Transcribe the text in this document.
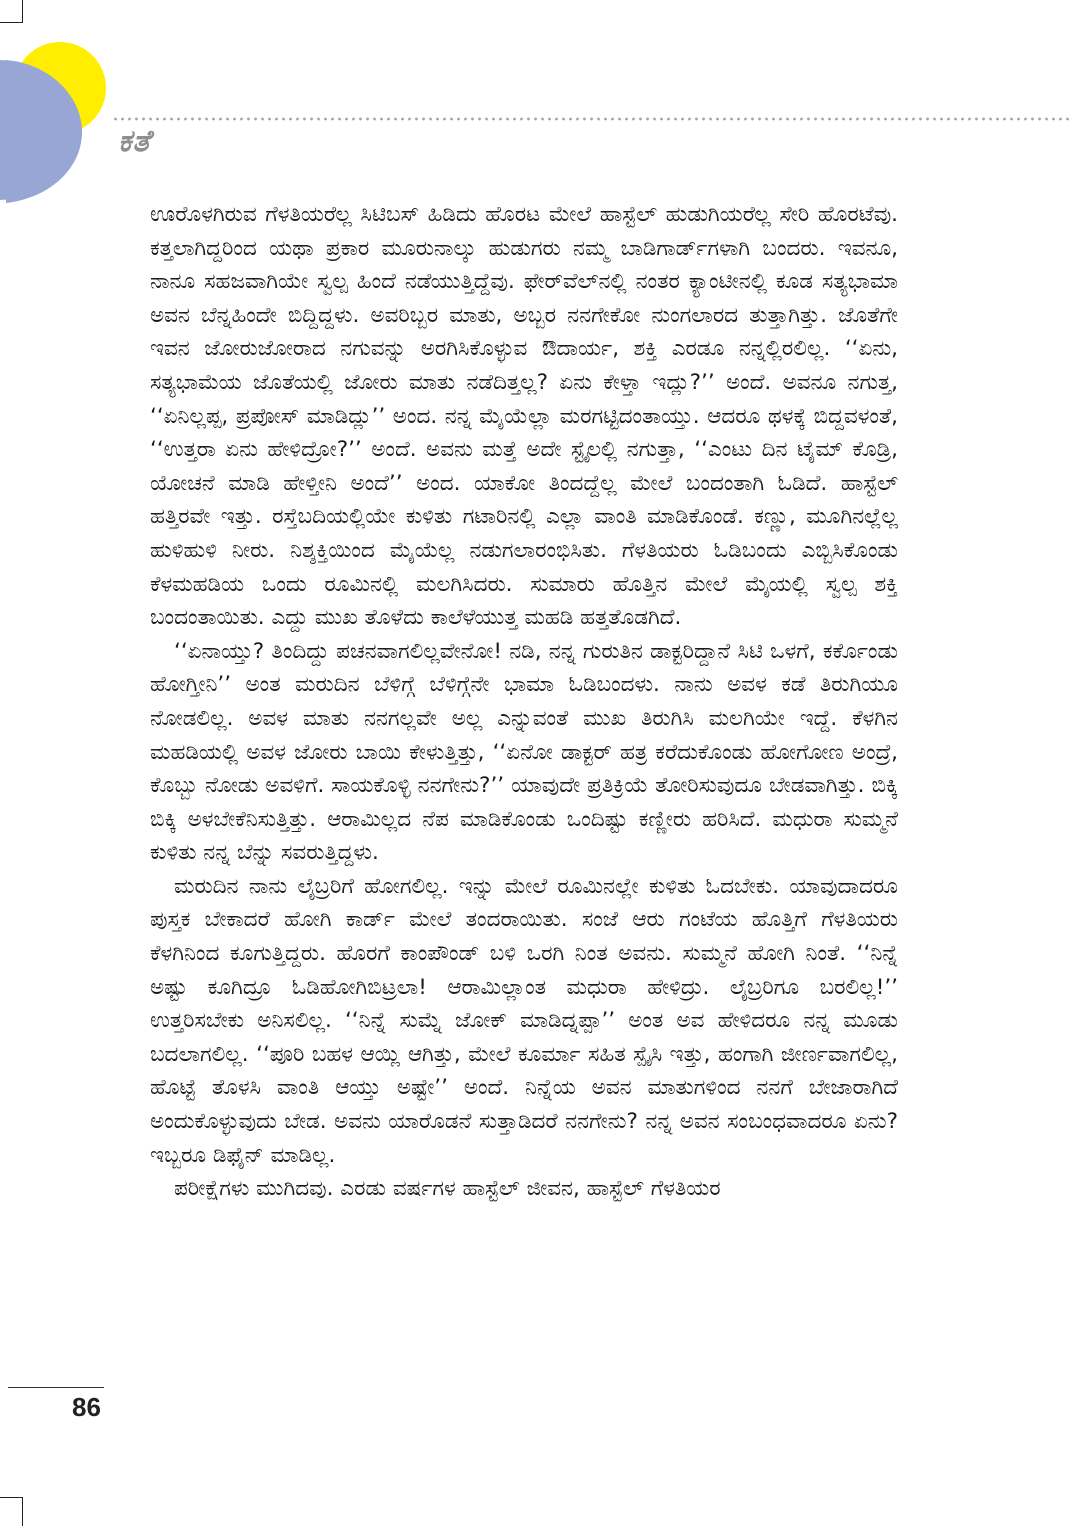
ಕತೆ

ಊರೊಳಗಿರುವ ಗೆಳತಿಯರೆಲ್ಲ ಸಿಟಿಬಸ್ ಹಿಡಿದು ಹೊರಟ ಮೇಲೆ ಹಾಸ್ಟೆಲ್ ಹುಡುಗಿಯರೆಲ್ಲ ಸೇರಿ ಹೊರಟೆವು. ಕತ್ತಲಾಗಿದ್ದರಿಂದ ಯಥಾ ಪ್ರಕಾರ ಮೂರುನಾಲ್ಕು ಹುಡುಗರು ನಮ್ಮ ಬಾಡಿಗಾರ್ಡ್‌ಗಳಾಗಿ ಬಂದರು. ಇವನೂ, ನಾನೂ ಸಹಜವಾಗಿಯೇ ಸ್ವಲ್ಪ ಹಿಂದೆ ನಡೆಯುತ್ತಿದ್ದೆವು. ಫೇರ್‌ವೆಲ್‌ನಲ್ಲಿ ನಂತರ ಕ್ಯಾಂಟೀನಲ್ಲಿ ಕೂಡ ಸತ್ಯಭಾಮಾ ಅವನ ಬೆನ್ನಹಿಂದೇ ಬಿದ್ದಿದ್ದಳು. ಅವರಿಬ್ಬರ ಮಾತು, ಅಬ್ಬರ ನನಗೇಕೋ ನುಂಗಲಾರದ ತುತ್ತಾಗಿತ್ತು. ಜೊತೆಗೇ ಇವನ ಜೋರುಜೋರಾದ ನಗುವನ್ನು ಅರಗಿಸಿಕೊಳ್ಳುವ ಔದಾರ್ಯ, ಶಕ್ತಿ ಎರಡೂ ನನ್ನಲ್ಲಿರಲಿಲ್ಲ. ‘‘ಏನು, ಸತ್ಯಭಾಮೆಯ ಜೊತೆಯಲ್ಲಿ ಜೋರು ಮಾತು ನಡೆದಿತ್ತಲ್ಲ? ಏನು ಕೇಳ್ತಾ ಇದ್ಲು?’’ ಅಂದೆ. ಅವನೂ ನಗುತ್ತ, ‘‘ಏನಿಲ್ಲಪ್ಪ, ಪ್ರಪೋಸ್ ಮಾಡಿದ್ಲು’’ ಅಂದ. ನನ್ನ ಮೈಯೆಲ್ಲಾ ಮರಗಟ್ಟಿದಂತಾಯ್ತು. ಆದರೂ ಥಳಕ್ಕೆ ಬಿದ್ದವಳಂತೆ, ‘‘ಉತ್ತರಾ ಏನು ಹೇಳಿದ್ರೋ?’’ ಅಂದೆ. ಅವನು ಮತ್ತೆ ಅದೇ ಸ್ಟೈಲಲ್ಲಿ ನಗುತ್ತಾ, ‘‘ಎಂಟು ದಿನ ಟೈಮ್ ಕೊಡ್ರಿ, ಯೋಚನೆ ಮಾಡಿ ಹೇಳ್ತೀನಿ ಅಂದೆ’’ ಅಂದ. ಯಾಕೋ ತಿಂದದ್ದೆಲ್ಲ ಮೇಲೆ ಬಂದಂತಾಗಿ ಓಡಿದೆ. ಹಾಸ್ಟೆಲ್ ಹತ್ತಿರವೇ ಇತ್ತು. ರಸ್ತೆಬದಿಯಲ್ಲಿಯೇ ಕುಳಿತು ಗಟಾರಿನಲ್ಲಿ ಎಲ್ಲಾ ವಾಂತಿ ಮಾಡಿಕೊಂಡೆ. ಕಣ್ಣು, ಮೂಗಿನಲ್ಲೆಲ್ಲ ಹುಳಿಹುಳಿ ನೀರು. ನಿಶ್ಶಕ್ತಿಯಿಂದ ಮೈಯೆಲ್ಲ ನಡುಗಲಾರಂಭಿಸಿತು. ಗೆಳತಿಯರು ಓಡಿಬಂದು ಎಬ್ಬಿಸಿಕೊಂಡು ಕೆಳಮಹಡಿಯ ಒಂದು ರೂಮಿನಲ್ಲಿ ಮಲಗಿಸಿದರು. ಸುಮಾರು ಹೊತ್ತಿನ ಮೇಲೆ ಮೈಯಲ್ಲಿ ಸ್ವಲ್ಪ ಶಕ್ತಿ ಬಂದಂತಾಯಿತು. ಎದ್ದು ಮುಖ ತೊಳೆದು ಕಾಲೆಳೆಯುತ್ತ ಮಹಡಿ ಹತ್ತತೊಡಗಿದೆ.

‘‘ಏನಾಯ್ತು? ತಿಂದಿದ್ದು ಪಚನವಾಗಲಿಲ್ಲವೇನೋ! ನಡಿ, ನನ್ನ ಗುರುತಿನ ಡಾಕ್ಟರಿದ್ದಾನೆ ಸಿಟಿ ಒಳಗೆ, ಕರ್ಕೊಂಡು ಹೋಗ್ತೀನಿ’’ ಅಂತ ಮರುದಿನ ಬೆಳಿಗ್ಗೆ ಬೆಳಿಗ್ಗೆನೇ ಭಾಮಾ ಓಡಿಬಂದಳು. ನಾನು ಅವಳ ಕಡೆ ತಿರುಗಿಯೂ ನೋಡಲಿಲ್ಲ. ಅವಳ ಮಾತು ನನಗಲ್ಲವೇ ಅಲ್ಲ ಎನ್ನುವಂತೆ ಮುಖ ತಿರುಗಿಸಿ ಮಲಗಿಯೇ ಇದ್ದೆ. ಕೆಳಗಿನ ಮಹಡಿಯಲ್ಲಿ ಅವಳ ಜೋರು ಬಾಯಿ ಕೇಳುತ್ತಿತ್ತು, ‘‘ಏನೋ ಡಾಕ್ಟರ್ ಹತ್ರ ಕರೆದುಕೊಂಡು ಹೋಗೋಣ ಅಂದ್ರೆ, ಕೊಬ್ಬು ನೋಡು ಅವಳಿಗೆ. ಸಾಯಕೊಳ್ಳಿ ನನಗೇನು?’’ ಯಾವುದೇ ಪ್ರತಿಕ್ರಿಯೆ ತೋರಿಸುವುದೂ ಬೇಡವಾಗಿತ್ತು. ಬಿಕ್ಕಿ ಬಿಕ್ಕಿ ಅಳಬೇಕೆನಿಸುತ್ತಿತ್ತು. ಆರಾಮಿಲ್ಲದ ನೆಪ ಮಾಡಿಕೊಂಡು ಒಂದಿಷ್ಟು ಕಣ್ಣೀರು ಹರಿಸಿದೆ. ಮಧುರಾ ಸುಮ್ಮನೆ ಕುಳಿತು ನನ್ನ ಬೆನ್ನು ಸವರುತ್ತಿದ್ದಳು.

ಮರುದಿನ ನಾನು ಲೈಬ್ರರಿಗೆ ಹೋಗಲಿಲ್ಲ. ಇನ್ನು ಮೇಲೆ ರೂಮಿನಲ್ಲೇ ಕುಳಿತು ಓದಬೇಕು. ಯಾವುದಾದರೂ ಪುಸ್ತಕ ಬೇಕಾದರೆ ಹೋಗಿ ಕಾರ್ಡ್ ಮೇಲೆ ತಂದರಾಯಿತು. ಸಂಜೆ ಆರು ಗಂಟೆಯ ಹೊತ್ತಿಗೆ ಗೆಳತಿಯರು ಕೆಳಗಿನಿಂದ ಕೂಗುತ್ತಿದ್ದರು. ಹೊರಗೆ ಕಾಂಪೌಂಡ್ ಬಳಿ ಒರಗಿ ನಿಂತ ಅವನು. ಸುಮ್ಮನೆ ಹೋಗಿ ನಿಂತೆ. ‘‘ನಿನ್ನೆ ಅಷ್ಟು ಕೂಗಿದ್ರೂ ಓಡಿಹೋಗಿಬಿಟ್ರಲಾ! ಆರಾಮಿಲ್ಲಾಂತ ಮಧುರಾ ಹೇಳಿದ್ರು. ಲೈಬ್ರರಿಗೂ ಬರಲಿಲ್ಲ!’’ ಉತ್ತರಿಸಬೇಕು ಅನಿಸಲಿಲ್ಲ. ‘‘ನಿನ್ನೆ ಸುಮ್ನೆ ಜೋಕ್ ಮಾಡಿದ್ನಪ್ಪಾ’’ ಅಂತ ಅವ ಹೇಳಿದರೂ ನನ್ನ ಮೂಡು ಬದಲಾಗಲಿಲ್ಲ. ‘‘ಪೂರಿ ಬಹಳ ಆಯ್ಲಿ ಆಗಿತ್ತು, ಮೇಲೆ ಕೂರ್ಮಾ ಸಹಿತ ಸ್ಪೈಸಿ ಇತ್ತು, ಹಂಗಾಗಿ ಜೀರ್ಣವಾಗಲಿಲ್ಲ, ಹೊಟ್ಟೆ ತೊಳಸಿ ವಾಂತಿ ಆಯ್ತು ಅಷ್ಟೇ’’ ಅಂದೆ. ನಿನ್ನೆಯ ಅವನ ಮಾತುಗಳಿಂದ ನನಗೆ ಬೇಜಾರಾಗಿದೆ ಅಂದುಕೊಳ್ಳುವುದು ಬೇಡ. ಅವನು ಯಾರೊಡನೆ ಸುತ್ತಾಡಿದರೆ ನನಗೇನು? ನನ್ನ ಅವನ ಸಂಬಂಧವಾದರೂ ಏನು? ಇಬ್ಬರೂ ಡಿಫೈನ್ ಮಾಡಿಲ್ಲ.

ಪರೀಕ್ಷೆಗಳು ಮುಗಿದವು. ಎರಡು ವರ್ಷಗಳ ಹಾಸ್ಟೆಲ್ ಜೀವನ, ಹಾಸ್ಟೆಲ್ ಗೆಳತಿಯರ

86
